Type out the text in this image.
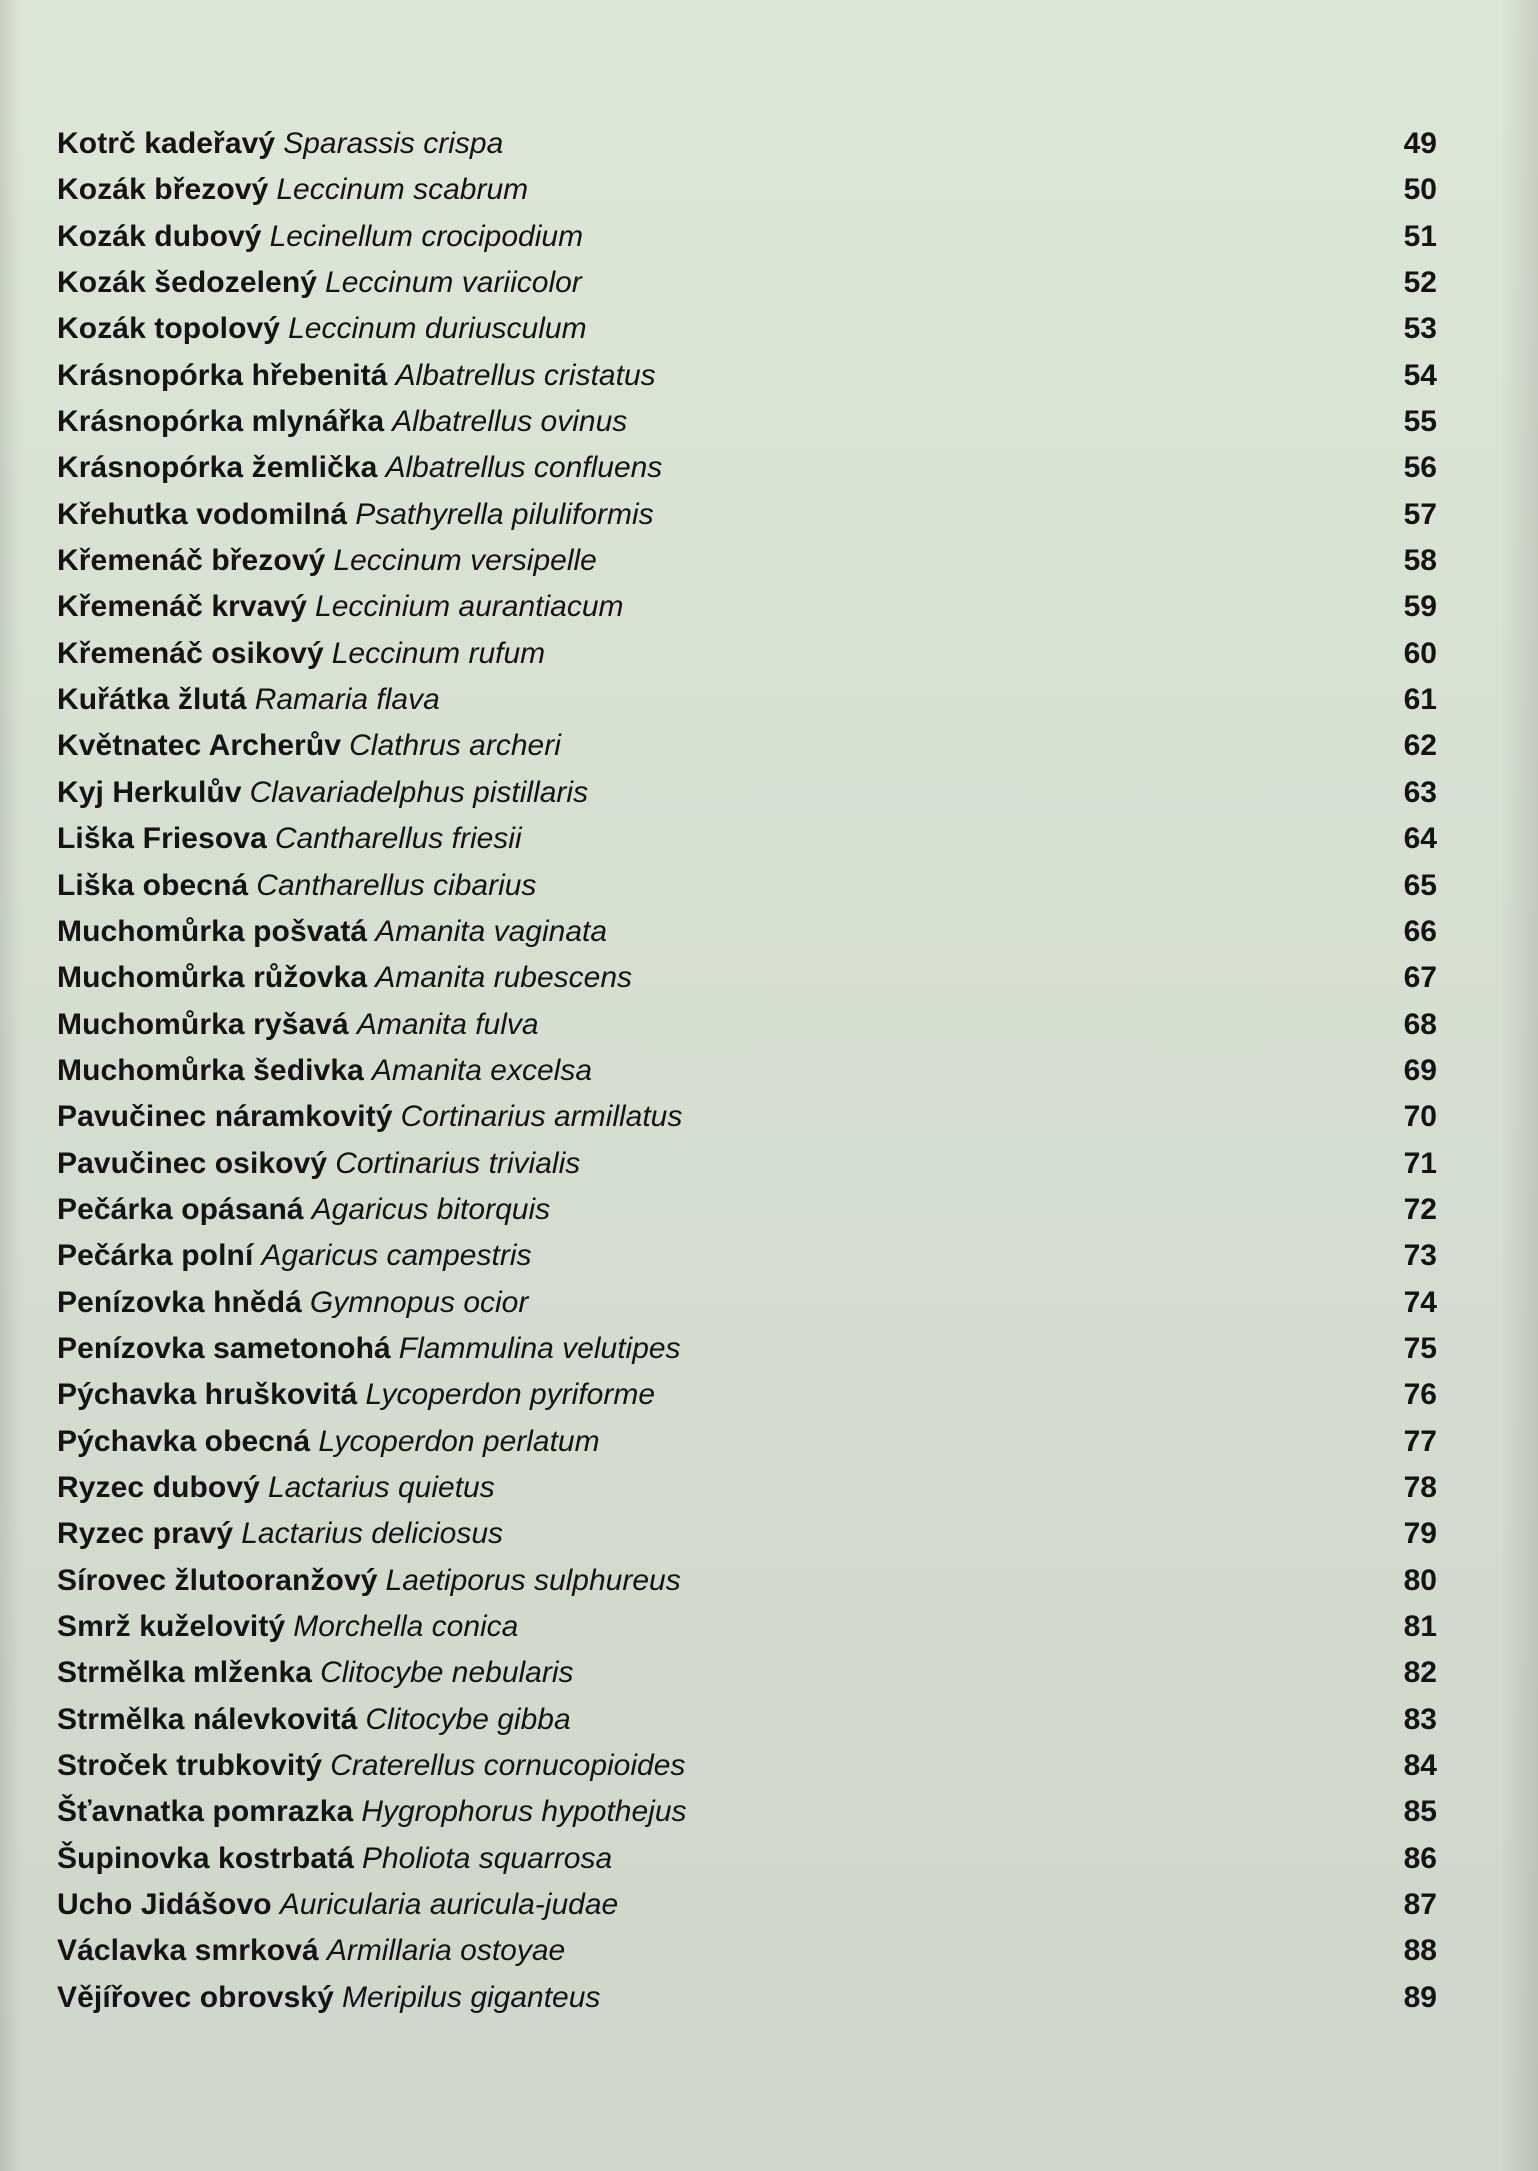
Kotrč kadeřavý Sparassis crispa	49
Kozák březový Leccinum scabrum	50
Kozák dubový Lecinellum crocipodium	51
Kozák šedozelený Leccinum variicolor	52
Kozák topolový Leccinum duriusculum	53
Krásnopórka hřebenitá Albatrellus cristatus	54
Krásnopórka mlynářka Albatrellus ovinus	55
Krásnopórka žemlička Albatrellus confluens	56
Křehutka vodomilná Psathyrella piluliformis	57
Křemenáč březový Leccinum versipelle	58
Křemenáč krvavý Leccinium aurantiacum	59
Křemenáč osikový Leccinum rufum	60
Kuřátka žlutá Ramaria flava	61
Květnatec Archerův Clathrus archeri	62
Kyj Herkulův Clavariadelphus pistillaris	63
Liška Friesova Cantharellus friesii	64
Liška obecná Cantharellus cibarius	65
Muchomůrka pošvatá Amanita vaginata	66
Muchomůrka růžovka Amanita rubescens	67
Muchomůrka ryšavá Amanita fulva	68
Muchomůrka šedivka Amanita excelsa	69
Pavučinec náramkovitý Cortinarius armillatus	70
Pavučinec osikový Cortinarius trivialis	71
Pečárka opásaná Agaricus bitorquis	72
Pečárka polní Agaricus campestris	73
Penízovka hnědá Gymnopus ocior	74
Penízovka sametonohá Flammulina velutipes	75
Pýchavka hruškovitá Lycoperdon pyriforme	76
Pýchavka obecná Lycoperdon perlatum	77
Ryzec dubový Lactarius quietus	78
Ryzec pravý Lactarius deliciosus	79
Sírovec žlutooranžový Laetiporus sulphureus	80
Smrž kuželovitý Morchella conica	81
Strmělka mlženka Clitocybe nebularis	82
Strmělka nálevkovitá Clitocybe gibba	83
Stroček trubkovitý Craterellus cornucopioides	84
Šťavnatka pomrazka Hygrophorus hypothejus	85
Šupinovka kostrbatá Pholiota squarrosa	86
Ucho Jidášovo Auricularia auricula-judae	87
Václavka smrková Armillaria ostoyae	88
Vějířovec obrovský Meripilus giganteus	89
